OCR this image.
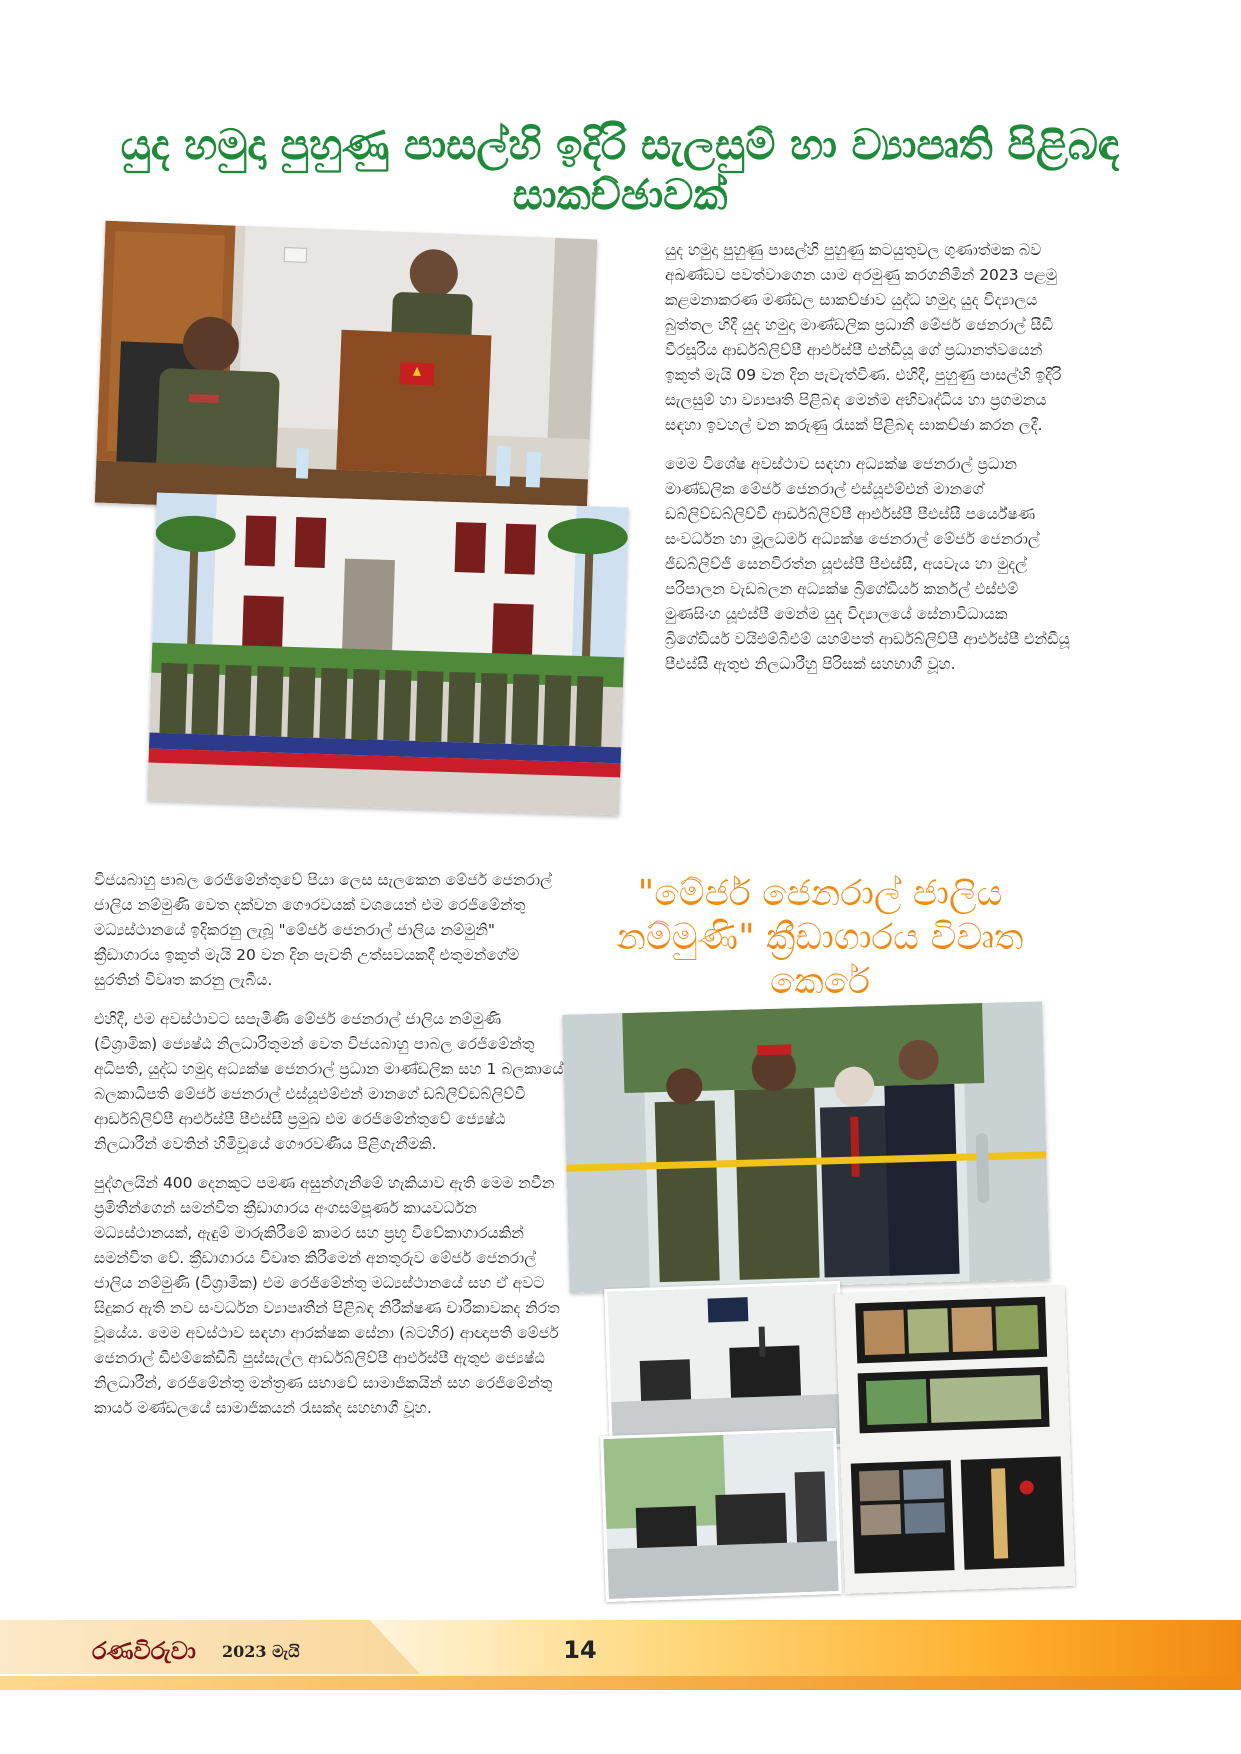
යුද හමුදා පුහුණු පාසල්හි ඉදිරි සැලසුම් හා ව්‍යාපෘති පිළිබඳ සාකච්ඡාවක්

යුද හමුදා පුහුණු පාසල්හි පුහුණු කටයුතුවල ගුණාත්මක බව අඛණ්ඩව පවත්වාගෙන යාම අරමුණු කරගනිමින් 2023 පළමු කළමනාකරණ මණ්ඩල සාකච්ඡාව යුද්ධ හමුදා යුද විද්‍යාලය බුත්තල හිදී යුද හමුදා මාණ්ඩලික ප්‍රධානී මේජර් ජෙනරාල් සීඩී වීරසූරිය ආර්ඩබ්ලිව්පී ආර්එස්පී එන්ඩීයූ ගේ ප්‍රධානත්වයෙන් ඉකුත් මැයි 09 වන දින පැවැත්විණ. එහිදී, පුහුණු පාසල්හි ඉදිරි සැලසුම් හා ව්‍යාපෘති පිළිබඳ මෙන්ම අභිවෘද්ධිය හා ප්‍රගමනය සඳහා ඉවහල් වන කරුණු රැසක් පිළිබඳ සාකච්ඡා කරන ලදී.

මෙම විශේෂ අවස්ථාව සඳහා අධ්‍යක්ෂ ජෙනරාල් ප්‍රධාන මාණ්ඩලික මේජර් ජෙනරාල් එස්යූඑම්එන් මානගේ ඩබ්ලිව්ඩබ්ලිව්වී ආර්ඩබ්ලිව්පී ආර්එස්පී පීඑස්සී පර්යේෂණ සංවර්ධන හා මූලධර්ම අධ්‍යක්ෂ ජෙනරාල් මේජර් ජෙනරාල් ජීඩබ්ලිව්ජී සෙනවිරත්න යූඑස්පී පීඑස්සී, අයවැය හා මුදල් පරිපාලන වැඩබලන අධ්‍යක්ෂ බ්‍රිගේඩියර් කර්නල් එස්එම් මුණසිංහ යූඑස්පී මෙන්ම යුද විද්‍යාලයේ සේනාවිධායක බ්‍රිගේඩියර් වයිඑම්බීඑම් යහම්පත් ආර්ඩබ්ලිව්පී ආර්එස්පී එන්ඩීයූ පීඑස්සී ඇතුළු නිලධාරීහු පිරිසක් සහභාගී වූහ.

විජයබාහු පාබල රෙජිමේන්තුවේ පියා ලෙස සැලකෙන මේජර් ජෙනරාල් ජාලිය නම්මුණි වෙත දක්වන ගෞරවයක් වශයෙන් එම රෙජිමේන්තු මධ්‍යස්ථානයේ ඉදිකරනු ලැබූ "මේජර් ජෙනරාල් ජාලිය නම්මුනි" ක්‍රීඩාගාරය ඉකුත් මැයි 20 වන දින පැවති උත්සවයකදී එතුමන්ගේම සුරතින් විවෘත කරනු ලැබීය.

එහිදී, එම අවස්ථාවට සපැමිණි මේජර් ජෙනරාල් ජාලිය නම්මුණි (විශ්‍රාමික) ජ්‍යෙෂ්ඨ නිලධාරිතුමන් වෙත විජයබාහු පාබල රෙජිමේන්තු අධිපති, යුද්ධ හමුදා අධ්‍යක්ෂ ජෙනරාල් ප්‍රධාන මාණ්ඩලික සහ 1 බලකායේ බලකාධිපති මේජර් ජෙනරාල් එස්යූඑම්එන් මානගේ ඩබ්ලිව්ඩබ්ලිව්වී ආර්ඩබ්ලිව්පී ආර්එස්පී පීඑස්සී ප්‍රමුඛ එම රෙජිමේන්තුවේ ජ්‍යෙෂ්ඨ නිලධාරීන් වෙතින් හිමිවූයේ ගෞරවණීය පිළිගැනීමකි.

පුද්ගලයින් 400 දෙනකුට පමණ අසුන්ගැනීමේ හැකියාව ඇති මෙම නවීන ප්‍රමිතීන්ගෙන් සමන්විත ක්‍රීඩාගාරය අංගසම්පූර්ණ කායවර්ධන මධ්‍යස්ථානයක්, ඇඳුම් මාරුකිරීමේ කාමර සහ ප්‍රභූ විවේකාගාරයකින් සමන්විත වේ. ක්‍රීඩාගාරය විවෘත කිරීමෙන් අනතුරුව මේජර් ජෙනරාල් ජාලිය නම්මුණි (විශ්‍රාමික) එම රෙජිමේන්තු මධ්‍යස්ථානයේ සහ ඒ අවට සිදුකර ඇති නව සංවර්ධන ව්‍යාපෘතීන් පිළිබඳ නිරීක්ෂණ චාරිකාවකද නිරත වූයේය. මෙම අවස්ථාව සඳහා ආරක්ෂක සේනා (බටහිර) ආඥාපති මේජර් ජෙනරාල් ඩීඑම්කේඩීබී පුස්සැල්ල ආර්ඩබ්ලිව්පී ආර්එස්පී ඇතුළු ජ්‍යෙෂ්ඨ නිලධාරීන්, රෙජිමේන්තු මන්ත්‍රණ සභාවේ සාමාජිකයින් සහ රෙජිමේන්තු කාර්ය මණ්ඩලයේ සාමාජිකයන් රැසක්ද සහභාගී වූහ.

"මේජර් ජෙනරාල් ජාලිය නම්මුණි" ක්‍රීඩාගාරය විවෘත කෙරේ
රණවිරුවා 2023 මැයි	14
